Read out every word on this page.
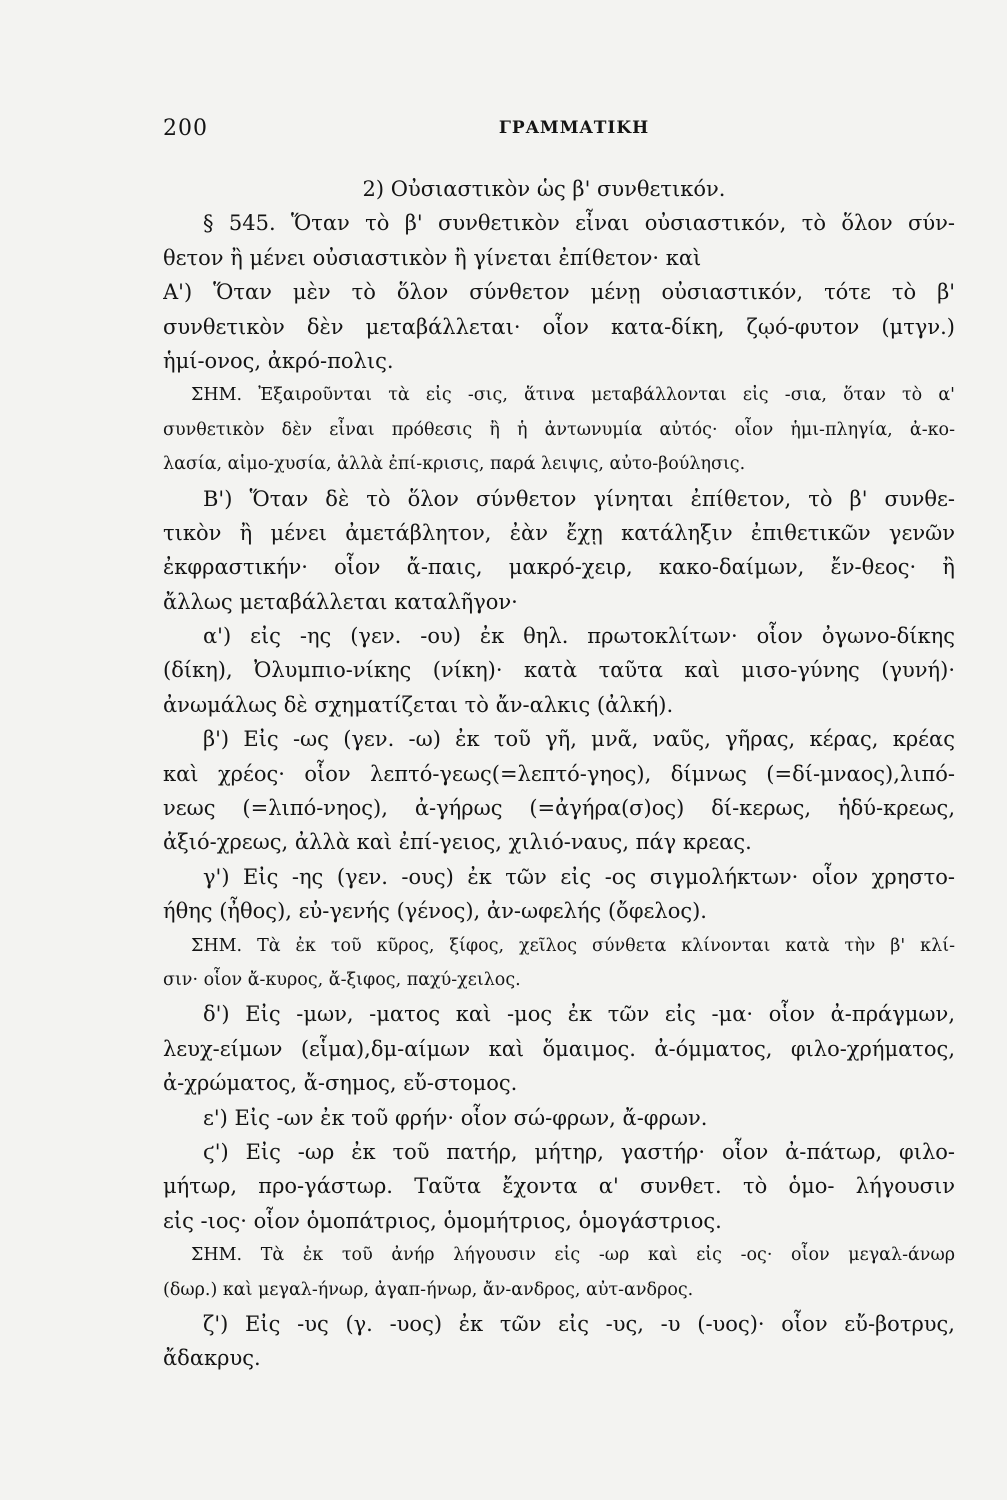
200	ΓΡΑΜΜΑΤΙΚΗ
2) Οὐσιαστικὸν ὡς β' συνθετικόν.
§ 545. Ὅταν τὸ β' συνθετικὸν εἶναι οὐσιαστικόν, τὸ ὅλον σύν-
θετον ἢ μένει οὐσιαστικὸν ἢ γίνεται ἐπίθετον· καὶ
Α') Ὅταν μὲν τὸ ὅλον σύνθετον μένῃ οὐσιαστικόν, τότε τὸ β'
συνθετικὸν δὲν μεταβάλλεται· οἷον κατα-δίκη, ζῳό-φυτον (μτγν.)
ἡμί-ονος, ἀκρό-πολις.
ΣΗΜ. Ἐξαιροῦνται τὰ εἰς -σις, ἅτινα μεταβάλλονται εἰς -σια, ὅταν τὸ α'
συνθετικὸν δὲν εἶναι πρόθεσις ἢ ἡ ἀντωνυμία αὐτός· οἷον ἡμι-πληγία, ἀ-κο-
λασία, αἱμο-χυσία, ἀλλὰ ἐπί-κρισις, παρά λειψις, αὐτο-βούλησις.
Β') Ὅταν δὲ τὸ ὅλον σύνθετον γίνηται ἐπίθετον, τὸ β' συνθε-
τικὸν ἢ μένει ἀμετάβλητον, ἐὰν ἔχῃ κατάληξιν ἐπιθετικῶν γενῶν
ἐκφραστικήν· οἷον ἄ-παις, μακρό-χειρ, κακο-δαίμων, ἔν-θεος· ἢ
ἄλλως μεταβάλλεται καταλῆγον·
α') εἰς -ης (γεν. -ου) ἐκ θηλ. πρωτοκλίτων· οἷον ὀγωνο-δίκης
(δίκη), Ὀλυμπιο-νίκης (νίκη)· κατὰ ταῦτα καὶ μισο-γύνης (γυνή)·
ἀνωμάλως δὲ σχηματίζεται τὸ ἄν-αλκις (ἀλκή).
β') Εἰς -ως (γεν. -ω) ἐκ τοῦ γῆ, μνᾶ, ναῦς, γῆρας, κέρας, κρέας
καὶ χρέος· οἷον λεπτό-γεως(=λεπτό-γηος), δίμνως (=δί-μναος),λιπό-
νεως (=λιπό-νηος), ἀ-γήρως (=ἀγήρα(σ)ος) δί-κερως, ἡδύ-κρεως,
ἀξιό-χρεως, ἀλλὰ καὶ ἐπί-γειος, χιλιό-ναυς, πάγ κρεας.
γ') Εἰς -ης (γεν. -ους) ἐκ τῶν εἰς -ος σιγμολήκτων· οἷον χρηστο-
ήθης (ἦθος), εὐ-γενής (γένος), ἀν-ωφελής (ὄφελος).
ΣΗΜ. Τὰ ἐκ τοῦ κῦρος, ξίφος, χεῖλος σύνθετα κλίνονται κατὰ τὴν β' κλί-
σιν· οἷον ἄ-κυρος, ἄ-ξιφος, παχύ-χειλος.
δ') Εἰς -μων, -ματος καὶ -μος ἐκ τῶν εἰς -μα· οἷον ἀ-πράγμων,
λευχ-είμων (εἷμα),δμ-αίμων καὶ ὅμαιμος. ἀ-όμματος, φιλο-χρήματος,
ἀ-χρώματος, ἄ-σημος, εὔ-στομος.
ε') Εἰς -ων ἐκ τοῦ φρήν· οἷον σώ-φρων, ἄ-φρων.
ϛ') Εἰς -ωρ ἐκ τοῦ πατήρ, μήτηρ, γαστήρ· οἷον ἀ-πάτωρ, φιλο-
μήτωρ, προ-γάστωρ. Ταῦτα ἔχοντα α' συνθετ. τὸ ὁμο- λήγουσιν
εἰς -ιος· οἷον ὁμοπάτριος, ὁμομήτριος, ὁμογάστριος.
ΣΗΜ. Τὰ ἐκ τοῦ ἀνήρ λήγουσιν εἰς -ωρ καὶ εἰς -ος· οἷον μεγαλ-άνωρ
(δωρ.) καὶ μεγαλ-ήνωρ, ἀγαπ-ήνωρ, ἄν-ανδρος, αὐτ-ανδρος.
ζ') Εἰς -υς (γ. -υος) ἐκ τῶν εἰς -υς, -υ (-υος)· οἷον εὔ-βοτρυς,
ἄδακρυς.
